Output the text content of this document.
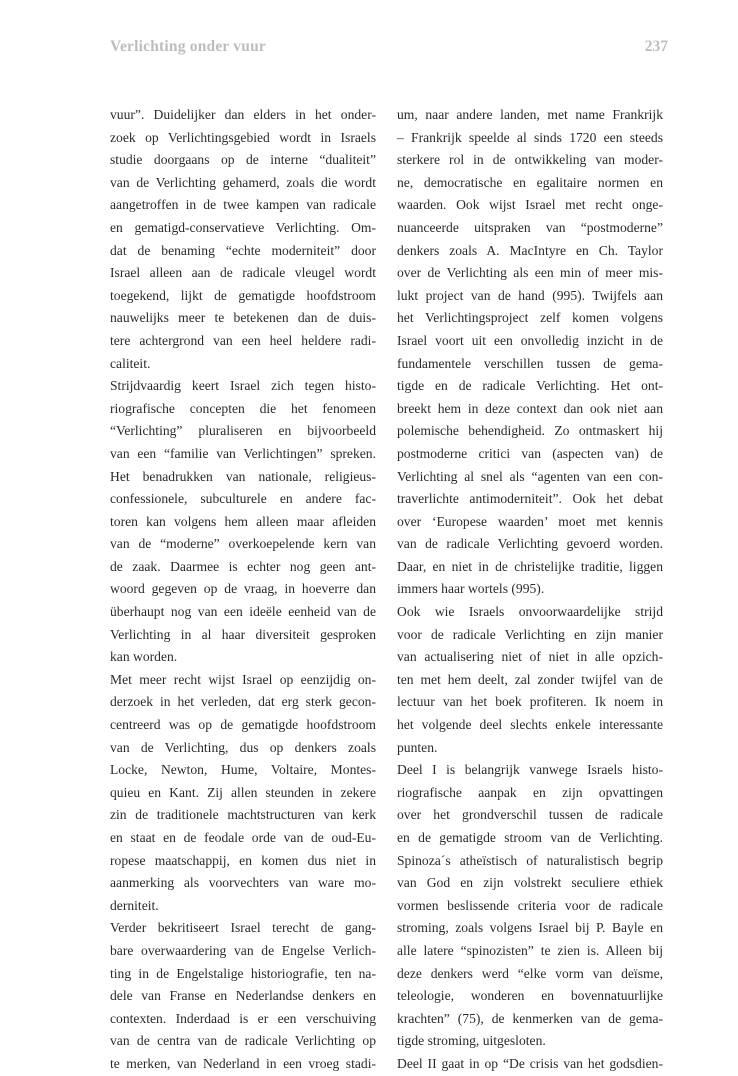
Verlichting onder vuur	237
vuur”. Duidelijker dan elders in het onder-
zoek op Verlichtingsgebied wordt in Israels
studie doorgaans op de interne “dualiteit”
van de Verlichting gehamerd, zoals die wordt
aangetroffen in de twee kampen van radicale
en gematigd-conservatieve Verlichting. Om-
dat de benaming “echte moderniteit” door
Israel alleen aan de radicale vleugel wordt
toegekend, lijkt de gematigde hoofdstroom
nauwelijks meer te betekenen dan de duis-
tere achtergrond van een heel heldere radi-
caliteit.
Strijdvaardig keert Israel zich tegen histo-
riografische concepten die het fenomeen
“Verlichting” pluraliseren en bijvoorbeeld
van een “familie van Verlichtingen” spreken.
Het benadrukken van nationale, religieus-
confessionele, subculturele en andere fac-
toren kan volgens hem alleen maar afleiden
van de “moderne” overkoepelende kern van
de zaak. Daarmee is echter nog geen ant-
woord gegeven op de vraag, in hoeverre dan
überhaupt nog van een ideële eenheid van de
Verlichting in al haar diversiteit gesproken
kan worden.
Met meer recht wijst Israel op eenzijdig on-
derzoek in het verleden, dat erg sterk gecon-
centreerd was op de gematigde hoofdstroom
van de Verlichting, dus op denkers zoals
Locke, Newton, Hume, Voltaire, Montes-
quieu en Kant. Zij allen steunden in zekere
zin de traditionele machtstructuren van kerk
en staat en de feodale orde van de oud-Eu-
ropese maatschappij, en komen dus niet in
aanmerking als voorvechters van ware mo-
derniteit.
Verder bekritiseert Israel terecht de gang-
bare overwaardering van de Engelse Verlich-
ting in de Engelstalige historiografie, ten na-
dele van Franse en Nederlandse denkers en
contexten. Inderdaad is er een verschuiving
van de centra van de radicale Verlichting op
te merken, van Nederland in een vroeg stadi-
um, naar andere landen, met name Frankrijk
– Frankrijk speelde al sinds 1720 een steeds
sterkere rol in de ontwikkeling van moder-
ne, democratische en egalitaire normen en
waarden. Ook wijst Israel met recht onge-
nuanceerde uitspraken van “postmoderne”
denkers zoals A. MacIntyre en Ch. Taylor
over de Verlichting als een min of meer mis-
lukt project van de hand (995). Twijfels aan
het Verlichtingsproject zelf komen volgens
Israel voort uit een onvolledig inzicht in de
fundamentele verschillen tussen de gema-
tigde en de radicale Verlichting. Het ont-
breekt hem in deze context dan ook niet aan
polemische behendigheid. Zo ontmaskert hij
postmoderne critici van (aspecten van) de
Verlichting al snel als “agenten van een con-
traverlichte antimoderniteit”. Ook het debat
over ‘Europese waarden’ moet met kennis
van de radicale Verlichting gevoerd worden.
Daar, en niet in de christelijke traditie, liggen
immers haar wortels (995).
Ook wie Israels onvoorwaardelijke strijd
voor de radicale Verlichting en zijn manier
van actualisering niet of niet in alle opzich-
ten met hem deelt, zal zonder twijfel van de
lectuur van het boek profiteren. Ik noem in
het volgende deel slechts enkele interessante
punten.
Deel I is belangrijk vanwege Israels histo-
riografische aanpak en zijn opvattingen
over het grondverschil tussen de radicale
en de gematigde stroom van de Verlichting.
Spinoza´s atheïstisch of naturalistisch begrip
van God en zijn volstrekt seculiere ethiek
vormen beslissende criteria voor de radicale
stroming, zoals volgens Israel bij P. Bayle en
alle latere “spinozisten” te zien is. Alleen bij
deze denkers werd “elke vorm van deïsme,
teleologie, wonderen en bovennatuurlijke
krachten” (75), de kenmerken van de gema-
tigde stroming, uitgesloten.
Deel II gaat in op “De crisis van het godsdien-
